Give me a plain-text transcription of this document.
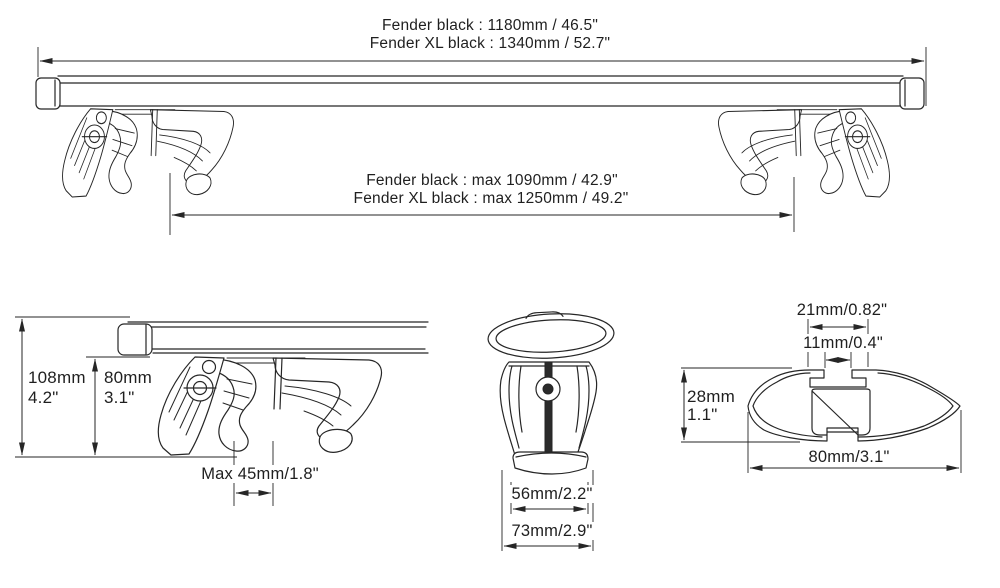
Fender black : 1180mm / 46.5"
Fender XL black : 1340mm / 52.7"
Fender black : max 1090mm / 42.9"
Fender XL black : max 1250mm / 49.2"
108mm
4.2"
80mm
3.1"
Max 45mm/1.8"
56mm/2.2"
73mm/2.9"
21mm/0.82"
11mm/0.4"
28mm
1.1"
80mm/3.1"
